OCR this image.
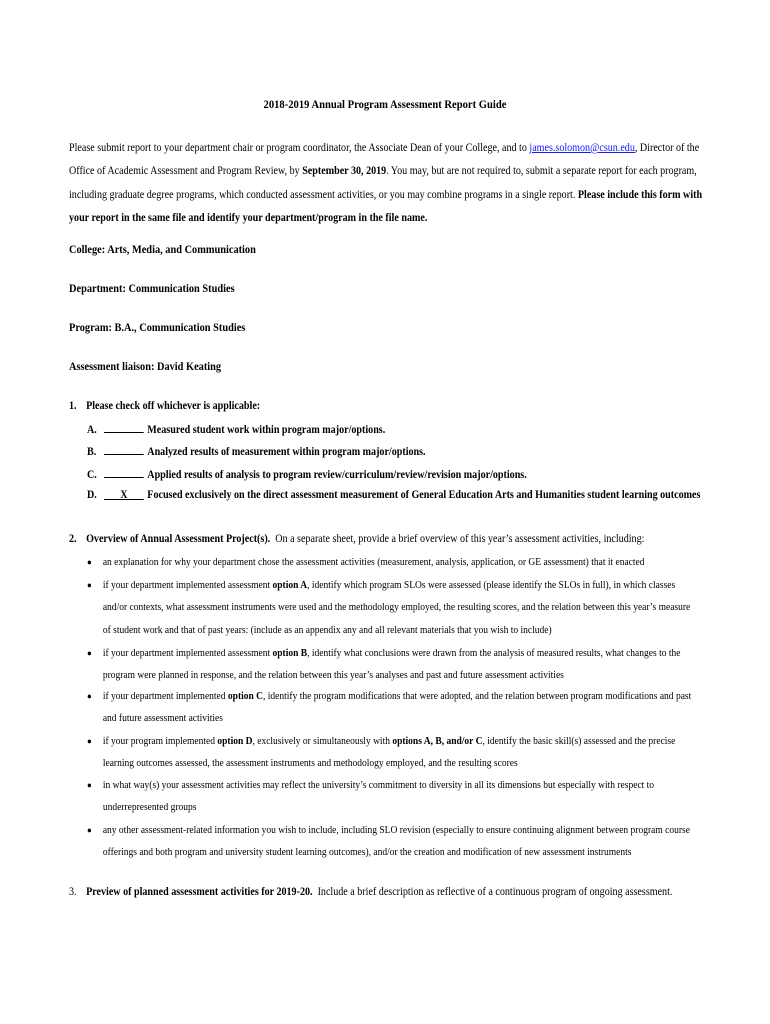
2018-2019 Annual Program Assessment Report Guide
Please submit report to your department chair or program coordinator, the Associate Dean of your College, and to james.solomon@csun.edu, Director of the Office of Academic Assessment and Program Review, by September 30, 2019. You may, but are not required to, submit a separate report for each program, including graduate degree programs, which conducted assessment activities, or you may combine programs in a single report. Please include this form with your report in the same file and identify your department/program in the file name.
College: Arts, Media, and Communication
Department: Communication Studies
Program: B.A., Communication Studies
Assessment liaison: David Keating
1. Please check off whichever is applicable:
A.	Measured student work within program major/options.
B.	Analyzed results of measurement within program major/options.
C.	Applied results of analysis to program review/curriculum/review/revision major/options.
D. X Focused exclusively on the direct assessment measurement of General Education Arts and Humanities student learning outcomes
2. Overview of Annual Assessment Project(s). On a separate sheet, provide a brief overview of this year’s assessment activities, including:
● an explanation for why your department chose the assessment activities (measurement, analysis, application, or GE assessment) that it enacted
● if your department implemented assessment option A, identify which program SLOs were assessed (please identify the SLOs in full), in which classes and/or contexts, what assessment instruments were used and the methodology employed, the resulting scores, and the relation between this year’s measure of student work and that of past years: (include as an appendix any and all relevant materials that you wish to include)
● if your department implemented assessment option B, identify what conclusions were drawn from the analysis of measured results, what changes to the program were planned in response, and the relation between this year’s analyses and past and future assessment activities
● if your department implemented option C, identify the program modifications that were adopted, and the relation between program modifications and past and future assessment activities
● if your program implemented option D, exclusively or simultaneously with options A, B, and/or C, identify the basic skill(s) assessed and the precise learning outcomes assessed, the assessment instruments and methodology employed, and the resulting scores
● in what way(s) your assessment activities may reflect the university’s commitment to diversity in all its dimensions but especially with respect to underrepresented groups
● any other assessment-related information you wish to include, including SLO revision (especially to ensure continuing alignment between program course offerings and both program and university student learning outcomes), and/or the creation and modification of new assessment instruments
3. Preview of planned assessment activities for 2019-20. Include a brief description as reflective of a continuous program of ongoing assessment.
